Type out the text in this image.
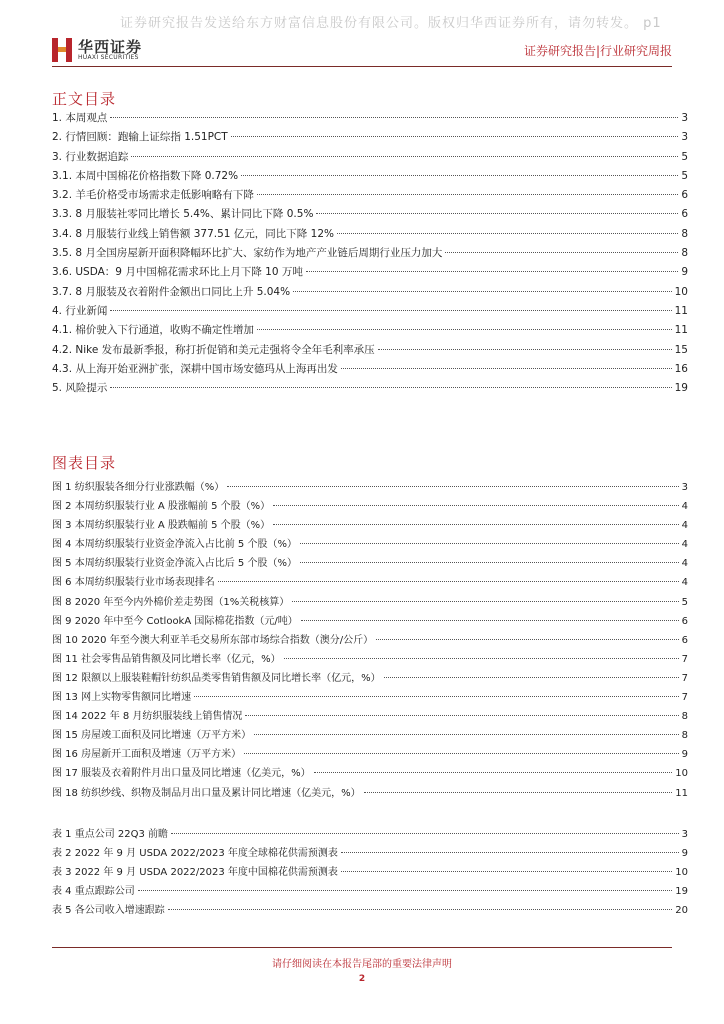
证券研究报告发送给东方财富信息股份有限公司。版权归华西证券所有，请勿转发。 p1
华西证券
HUAXI SECURITIES	证券研究报告|行业研究周报
正文目录
1. 本周观点	3
2. 行情回顾：跑输上证综指 1.51PCT	3
3. 行业数据追踪	5
3.1. 本周中国棉花价格指数下降 0.72%	5
3.2. 羊毛价格受市场需求走低影响略有下降	6
3.3. 8 月服装社零同比增长 5.4%、累计同比下降 0.5%	6
3.4. 8 月服装行业线上销售额 377.51 亿元，同比下降 12%	8
3.5. 8 月全国房屋新开面积降幅环比扩大、家纺作为地产产业链后周期行业压力加大	8
3.6. USDA：9 月中国棉花需求环比上月下降 10 万吨	9
3.7. 8 月服装及衣着附件金额出口同比上升 5.04%	10
4. 行业新闻	11
4.1. 棉价驶入下行通道，收购不确定性增加	11
4.2. Nike 发布最新季报，称打折促销和美元走强将令全年毛利率承压	15
4.3. 从上海开始亚洲扩张，深耕中国市场安德玛从上海再出发	16
5. 风险提示	19
图表目录
图 1 纺织服装各细分行业涨跌幅（%）	3
图 2 本周纺织服装行业 A 股涨幅前 5 个股（%）	4
图 3 本周纺织服装行业 A 股跌幅前 5 个股（%）	4
图 4 本周纺织服装行业资金净流入占比前 5 个股（%）	4
图 5 本周纺织服装行业资金净流入占比后 5 个股（%）	4
图 6 本周纺织服装行业市场表现排名	4
图 8 2020 年至今内外棉价差走势图（1%关税核算）	5
图 9 2020 年中至今 CotlookA 国际棉花指数（元/吨）	6
图 10 2020 年至今澳大利亚羊毛交易所东部市场综合指数（澳分/公斤）	6
图 11 社会零售品销售额及同比增长率（亿元，%）	7
图 12 限额以上服装鞋帽针纺织品类零售销售额及同比增长率（亿元，%）	7
图 13 网上实物零售额同比增速	7
图 14 2022 年 8 月纺织服装线上销售情况	8
图 15 房屋竣工面积及同比增速（万平方米）	8
图 16 房屋新开工面积及增速（万平方米）	9
图 17 服装及衣着附件月出口量及同比增速（亿美元，%）	10
图 18 纺织纱线、织物及制品月出口量及累计同比增速（亿美元，%）	11
表 1 重点公司 22Q3 前瞻	3
表 2 2022 年 9 月 USDA 2022/2023 年度全球棉花供需预测表	9
表 3 2022 年 9 月 USDA 2022/2023 年度中国棉花供需预测表	10
表 4 重点跟踪公司	19
表 5 各公司收入增速跟踪	20
请仔细阅读在本报告尾部的重要法律声明
2
